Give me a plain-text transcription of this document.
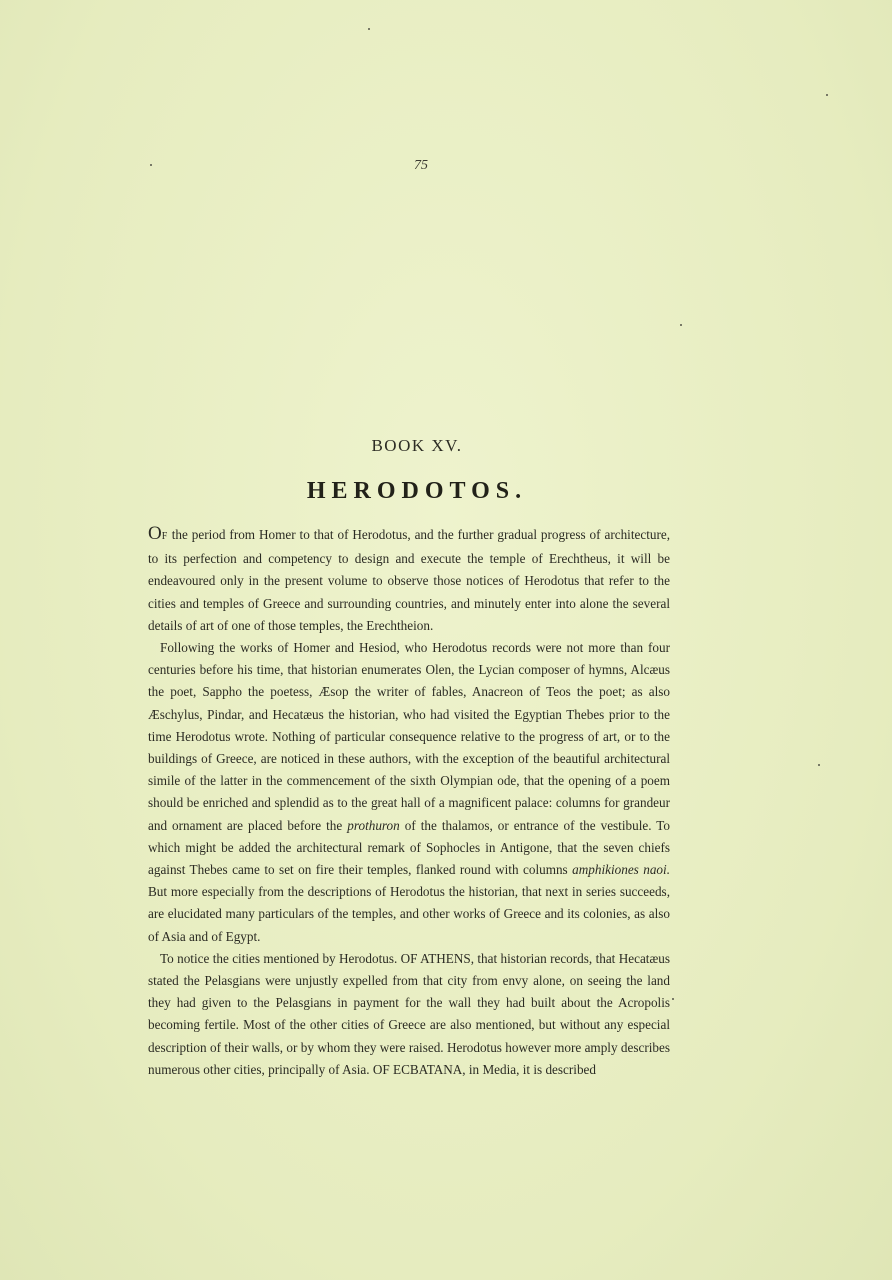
75
BOOK XV.
HERODOTOS.

OF the period from Homer to that of Herodotus, and the further gradual progress of architecture, to its perfection and competency to design and execute the temple of Erechtheus, it will be endeavoured only in the present volume to observe those notices of Herodotus that refer to the cities and temples of Greece and surrounding countries, and minutely enter into alone the several details of art of one of those temples, the Erechtheion.

Following the works of Homer and Hesiod, who Herodotus records were not more than four centuries before his time, that historian enumerates Olen, the Lycian composer of hymns, Alcæus the poet, Sappho the poetess, Æsop the writer of fables, Anacreon of Teos the poet; as also Æschylus, Pindar, and Hecatæus the historian, who had visited the Egyptian Thebes prior to the time Herodotus wrote. Nothing of particular consequence relative to the progress of art, or to the buildings of Greece, are noticed in these authors, with the exception of the beautiful architectural simile of the latter in the commencement of the sixth Olympian ode, that the opening of a poem should be enriched and splendid as to the great hall of a magnificent palace: columns for grandeur and ornament are placed before the prothuron of the thalamos, or entrance of the vestibule. To which might be added the architectural remark of Sophocles in Antigone, that the seven chiefs against Thebes came to set on fire their temples, flanked round with columns amphikiones naoi. But more especially from the descriptions of Herodotus the historian, that next in series succeeds, are elucidated many particulars of the temples, and other works of Greece and its colonies, as also of Asia and of Egypt.

To notice the cities mentioned by Herodotus. OF ATHENS, that historian records, that Hecatæus stated the Pelasgians were unjustly expelled from that city from envy alone, on seeing the land they had given to the Pelasgians in payment for the wall they had built about the Acropolis becoming fertile. Most of the other cities of Greece are also mentioned, but without any especial description of their walls, or by whom they were raised. Herodotus however more amply describes numerous other cities, principally of Asia. OF ECBATANA, in Media, it is described
